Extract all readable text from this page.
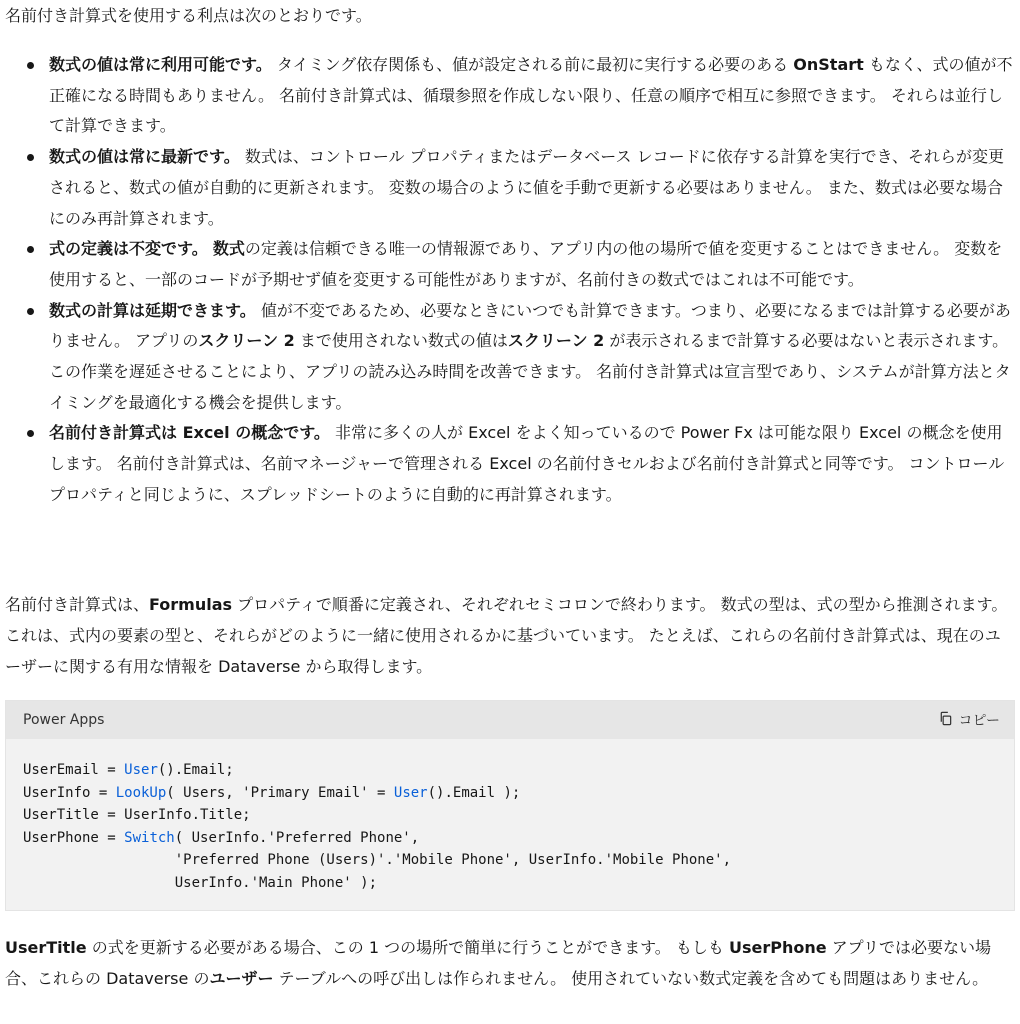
名前付き計算式を使用する利点は次のとおりです。

数式の値は常に利用可能です。 タイミング依存関係も、値が設定される前に最初に実行する必要のある OnStart もなく、式の値が不正確になる時間もありません。 名前付き計算式は、循環参照を作成しない限り、任意の順序で相互に参照できます。 それらは並行して計算できます。
数式の値は常に最新です。 数式は、コントロール プロパティまたはデータベース レコードに依存する計算を実行でき、それらが変更されると、数式の値が自動的に更新されます。 変数の場合のように値を手動で更新する必要はありません。 また、数式は必要な場合にのみ再計算されます。
式の定義は不変です。 数式の定義は信頼できる唯一の情報源であり、アプリ内の他の場所で値を変更することはできません。 変数を使用すると、一部のコードが予期せず値を変更する可能性がありますが、名前付きの数式ではこれは不可能です。
数式の計算は延期できます。 値が不変であるため、必要なときにいつでも計算できます。つまり、必要になるまでは計算する必要がありません。 アプリのスクリーン 2 まで使用されない数式の値はスクリーン 2 が表示されるまで計算する必要はないと表示されます。 この作業を遅延させることにより、アプリの読み込み時間を改善できます。 名前付き計算式は宣言型であり、システムが計算方法とタイミングを最適化する機会を提供します。
名前付き計算式は Excel の概念です。 非常に多くの人が Excel をよく知っているので Power Fx は可能な限り Excel の概念を使用します。 名前付き計算式は、名前マネージャーで管理される Excel の名前付きセルおよび名前付き計算式と同等です。 コントロール プロパティと同じように、スプレッドシートのように自動的に再計算されます。

名前付き計算式は、Formulas プロパティで順番に定義され、それぞれセミコロンで終わります。 数式の型は、式の型から推測されます。これは、式内の要素の型と、それらがどのように一緒に使用されるかに基づいています。 たとえば、これらの名前付き計算式は、現在のユーザーに関する有用な情報を Dataverse から取得します。

Power Apps	コピー
UserEmail = User().Email;
UserInfo = LookUp( Users, 'Primary Email' = User().Email );
UserTitle = UserInfo.Title;
UserPhone = Switch( UserInfo.'Preferred Phone',
'Preferred Phone (Users)'.'Mobile Phone', UserInfo.'Mobile Phone',
UserInfo.'Main Phone' );

UserTitle の式を更新する必要がある場合、この 1 つの場所で簡単に行うことができます。 もしも UserPhone アプリでは必要ない場合、これらの Dataverse のユーザー テーブルへの呼び出しは作られません。 使用されていない数式定義を含めても問題はありません。
